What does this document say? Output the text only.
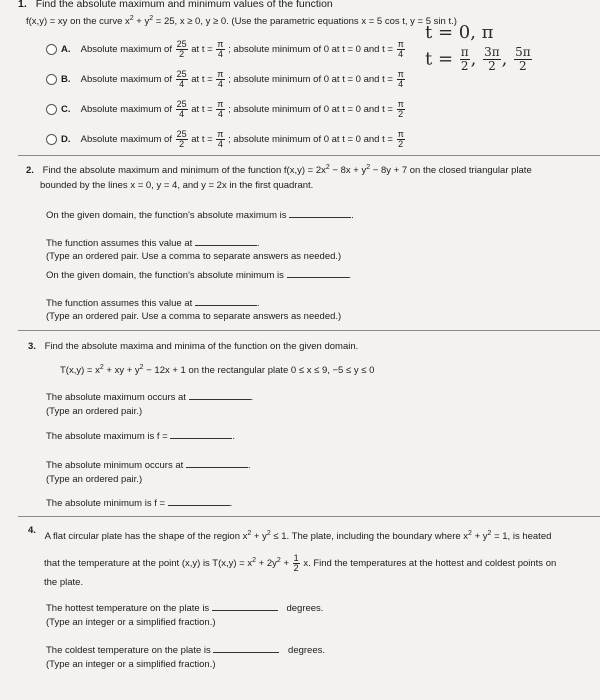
1. Find the absolute maximum and minimum values of the function
f(x,y) = xy on the curve $x^2 + y^2 = 25$, x ≥ 0, y ≥ 0. (Use the parametric equations x = 5 cos t, y = 5 sin t.)
A. Absolute maximum of $\frac{25}{2}$ at $t = \frac{\pi}{4}$ ; absolute minimum of 0 at t = 0 and $t = \frac{\pi}{4}$
B. Absolute maximum of $\frac{25}{4}$ at $t = \frac{\pi}{4}$ ; absolute minimum of 0 at t = 0 and $t = \frac{\pi}{4}$
C. Absolute maximum of $\frac{25}{4}$ at $t = \frac{\pi}{4}$ ; absolute minimum of 0 at t = 0 and $t = \frac{\pi}{2}$
D. Absolute maximum of $\frac{25}{2}$ at $t = \frac{\pi}{4}$ ; absolute minimum of 0 at t = 0 and $t = \frac{\pi}{2}$
t = 0, π
$t = \frac{\pi}{2}$ , $\frac{3\pi}{2}$ , $\frac{5\pi}{2}$
2. Find the absolute maximum and minimum of the function $f(x,y) = 2x^2 - 8x + y^2 - 8y + 7$ on the closed triangular plate
bounded by the lines x = 0, y = 4, and y = 2x in the first quadrant.
On the given domain, the function's absolute maximum is	.
The function assumes this value at	.
(Type an ordered pair. Use a comma to separate answers as needed.)
On the given domain, the function's absolute minimum is	.
The function assumes this value at	.
(Type an ordered pair. Use a comma to separate answers as needed.)
3. Find the absolute maxima and minima of the function on the given domain.
$T(x,y) = x^2$ + xy + $y^2 - 12x + 1$ on the rectangular plate 0 ≤ x ≤ 9, −5 ≤ y ≤ 0
The absolute maximum occurs at	.
(Type an ordered pair.)
The absolute maximum is f =	.
The absolute minimum occurs at	.
(Type an ordered pair.)
The absolute minimum is f =	.
4. A flat circular plate has the shape of the region $x^2 + y^2 \le 1$. The plate, including the boundary where $x^2 + y^2 = 1$, is heated
that the temperature at the point (x,y) is $T(x,y) = x^2 + 2y^2 + \frac{1}{2} x$. Find the temperatures at the hottest and coldest points on
the plate.
The hottest temperature on the plate is	degrees.
(Type an integer or a simplified fraction.)
The coldest temperature on the plate is	degrees.
(Type an integer or a simplified fraction.)
